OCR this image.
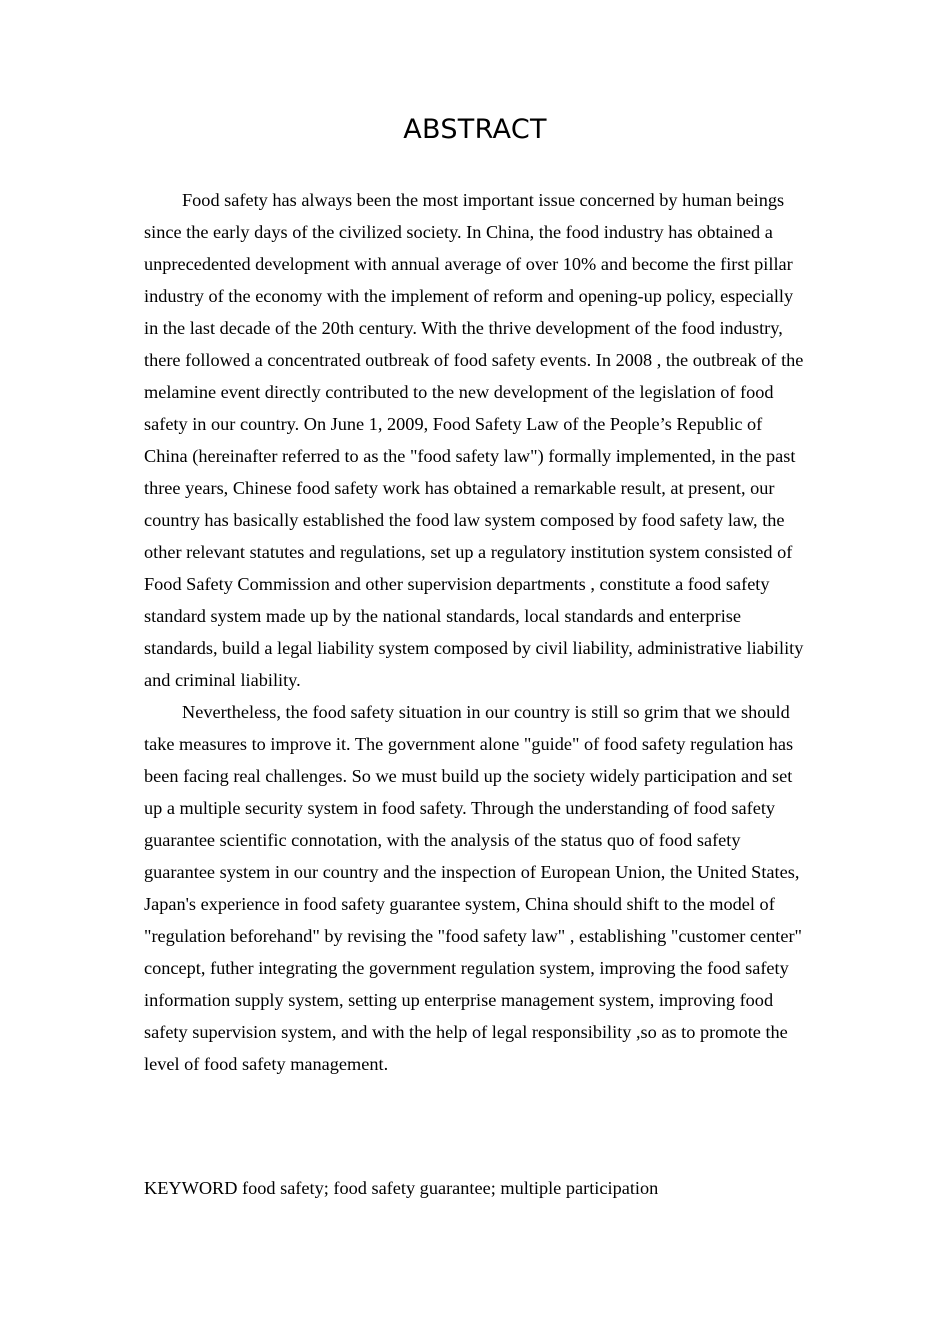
ABSTRACT

Food safety has always been the most important issue concerned by human beings since the early days of the civilized society. In China, the food industry has obtained a unprecedented development with annual average of over 10% and become the first pillar industry of the economy with the implement of reform and opening-up policy, especially in the last decade of the 20th century. With the thrive development of the food industry, there followed a concentrated outbreak of food safety events. In 2008 , the outbreak of the melamine event directly contributed to the new development of the legislation of food safety in our country. On June 1, 2009, Food Safety Law of the People’s Republic of China (hereinafter referred to as the "food safety law") formally implemented, in the past three years, Chinese food safety work has obtained a remarkable result, at present, our country has basically established the food law system composed by food safety law, the other relevant statutes and regulations, set up a regulatory institution system consisted of Food Safety Commission and other supervision departments , constitute a food safety standard system made up by the national standards, local standards and enterprise standards, build a legal liability system composed by civil liability, administrative liability and criminal liability.

Nevertheless, the food safety situation in our country is still so grim that we should take measures to improve it. The government alone "guide" of food safety regulation has been facing real challenges. So we must build up the society widely participation and set up a multiple security system in food safety. Through the understanding of food safety guarantee scientific connotation, with the analysis of the status quo of food safety guarantee system in our country and the inspection of European Union, the United States, Japan's experience in food safety guarantee system, China should shift to the model of "regulation beforehand" by revising the "food safety law" , establishing "customer center" concept, futher integrating the government regulation system, improving the food safety information supply system, setting up enterprise management system, improving food safety supervision system, and with the help of legal responsibility ,so as to promote the level of food safety management.

KEYWORD food safety; food safety guarantee; multiple participation
